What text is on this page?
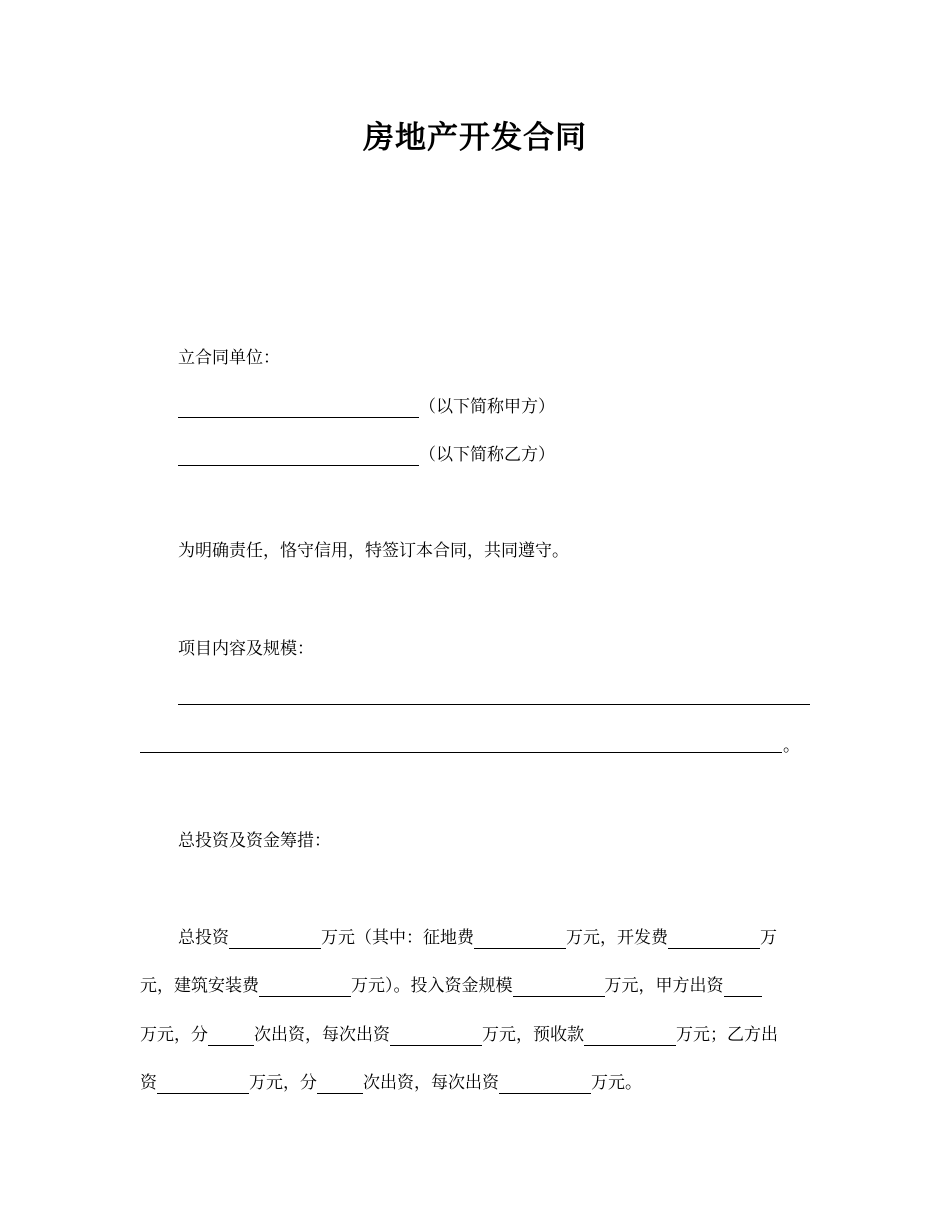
房地产开发合同
立合同单位：
（以下简称甲方）
（以下简称乙方）
为明确责任，恪守信用，特签订本合同，共同遵守。
项目内容及规模：
。
总投资及资金筹措：
总投资	万元（其中：征地费	万元，开发费	万
元，建筑安装费	万元）。投入资金规模	万元，甲方出资
万元，分	次出资，每次出资	万元，预收款	万元；乙方出
资	万元，分	次出资，每次出资	万元。
